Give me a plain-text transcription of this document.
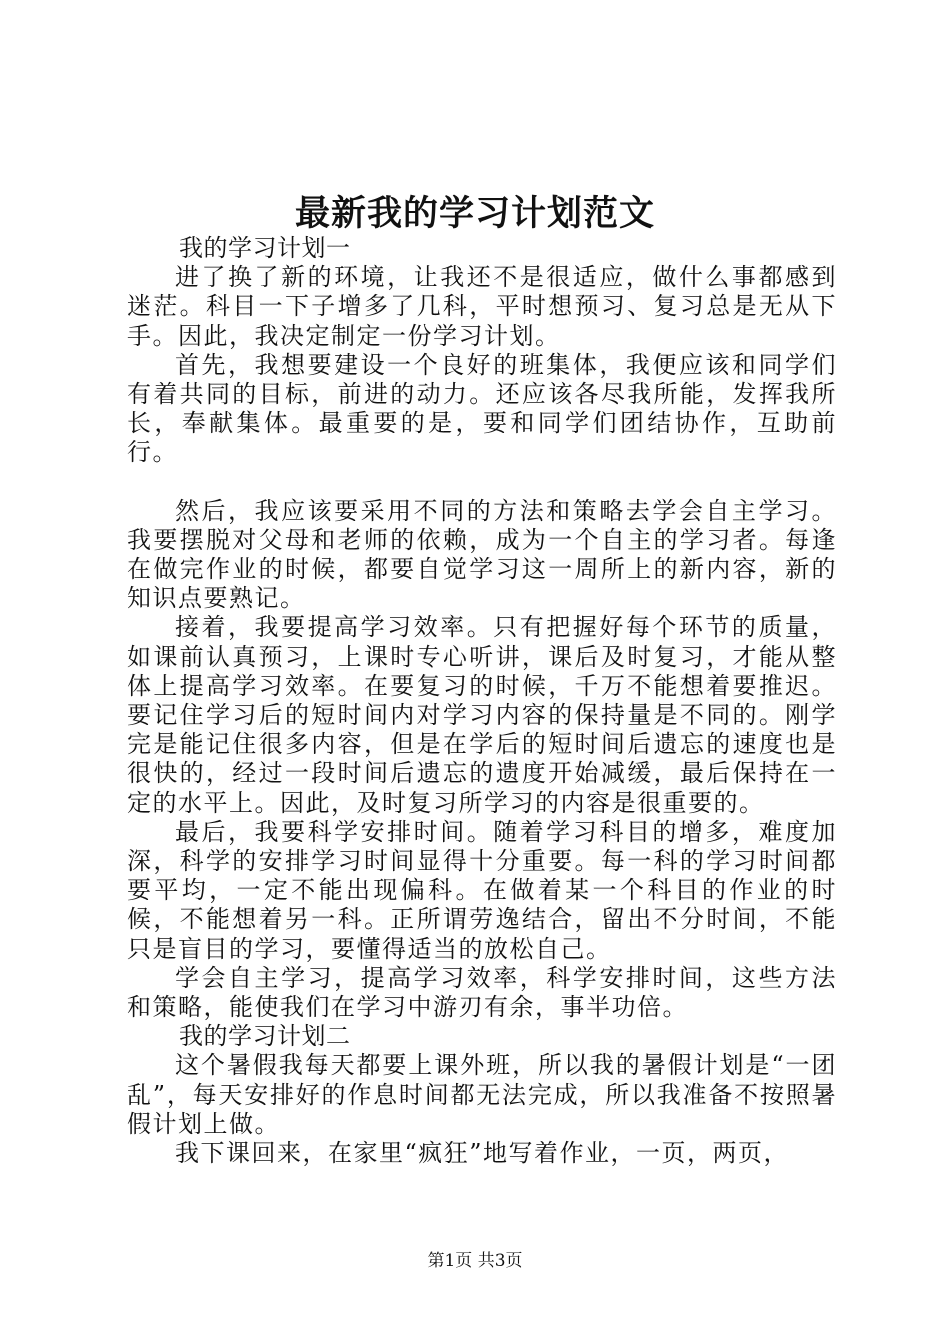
最新我的学习计划范文

我的学习计划一

进了换了新的环境，让我还不是很适应，做什么事都感到迷茫。科目一下子增多了几科，平时想预习、复习总是无从下手。因此，我决定制定一份学习计划。

首先，我想要建设一个良好的班集体，我便应该和同学们有着共同的目标，前进的动力。还应该各尽我所能，发挥我所长，奉献集体。最重要的是，要和同学们团结协作，互助前行。

然后，我应该要采用不同的方法和策略去学会自主学习。我要摆脱对父母和老师的依赖，成为一个自主的学习者。每逢在做完作业的时候，都要自觉学习这一周所上的新内容，新的知识点要熟记。

接着，我要提高学习效率。只有把握好每个环节的质量，如课前认真预习，上课时专心听讲，课后及时复习，才能从整体上提高学习效率。在要复习的时候，千万不能想着要推迟。要记住学习后的短时间内对学习内容的保持量是不同的。刚学完是能记住很多内容，但是在学后的短时间后遗忘的速度也是很快的，经过一段时间后遗忘的遗度开始减缓，最后保持在一定的水平上。因此，及时复习所学习的内容是很重要的。

最后，我要科学安排时间。随着学习科目的增多，难度加深，科学的安排学习时间显得十分重要。每一科的学习时间都要平均，一定不能出现偏科。在做着某一个科目的作业的时候，不能想着另一科。正所谓劳逸结合，留出不分时间，不能只是盲目的学习，要懂得适当的放松自己。

学会自主学习，提高学习效率，科学安排时间，这些方法和策略，能使我们在学习中游刃有余，事半功倍。

我的学习计划二

这个暑假我每天都要上课外班，所以我的暑假计划是“一团乱”，每天安排好的作息时间都无法完成，所以我准备不按照暑假计划上做。

我下课回来，在家里“疯狂”地写着作业，一页，两页，

第1页 共3页
